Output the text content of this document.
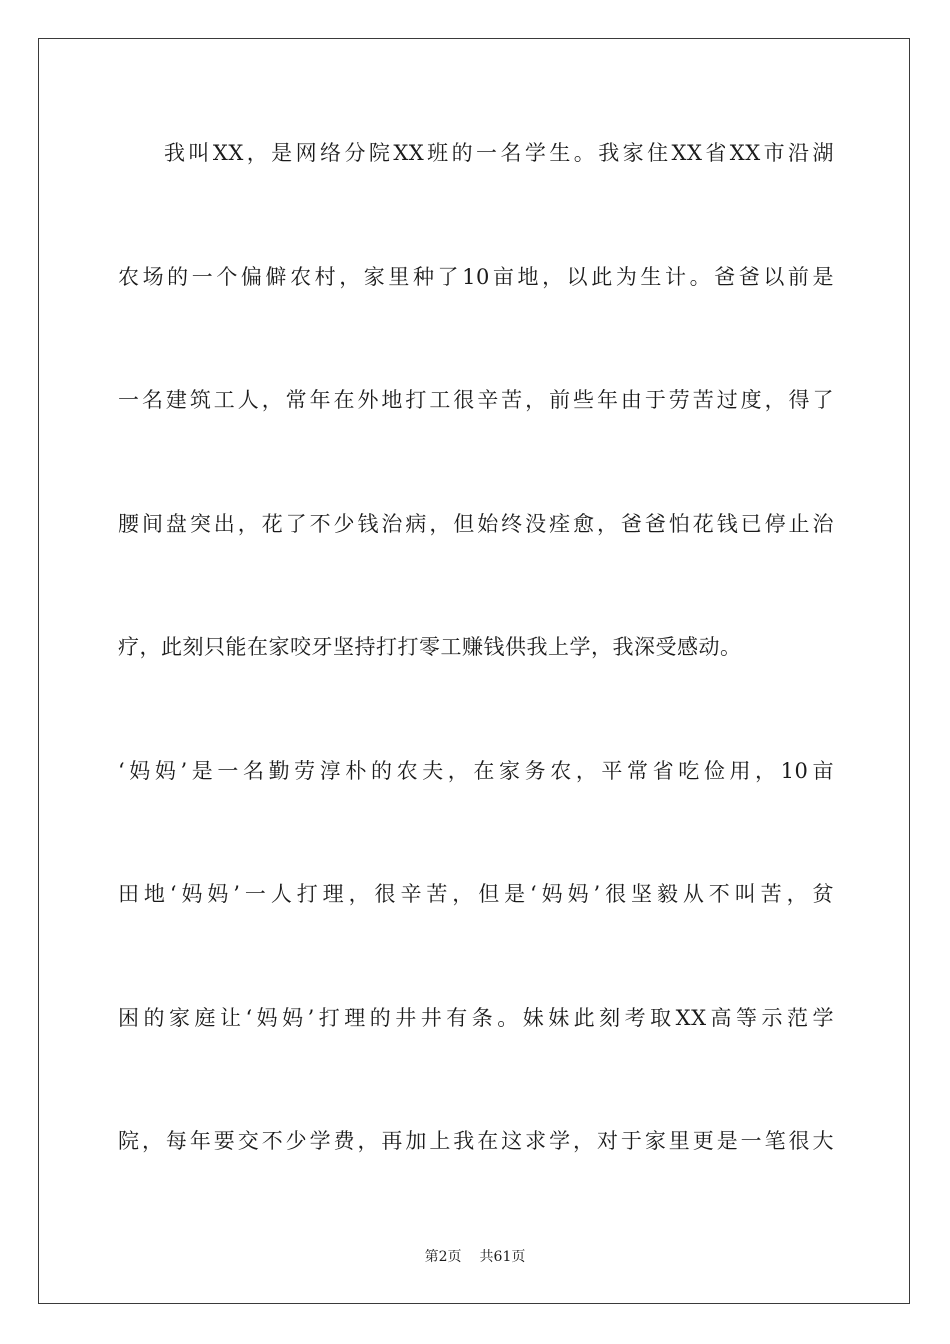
我叫XX，是网络分院XX班的一名学生。我家住XX省XX市沿湖
农场的一个偏僻农村，家里种了10亩地，以此为生计。爸爸以前是
一名建筑工人，常年在外地打工很辛苦，前些年由于劳苦过度，得了
腰间盘突出，花了不少钱治病，但始终没痊愈，爸爸怕花钱已停止治
疗，此刻只能在家咬牙坚持打打零工赚钱供我上学，我深受感动。
‘妈妈’是一名勤劳淳朴的农夫，在家务农，平常省吃俭用，10亩
田地‘妈妈’一人打理，很辛苦，但是‘妈妈’很坚毅从不叫苦，贫
困的家庭让‘妈妈’打理的井井有条。妹妹此刻考取XX高等示范学
院，每年要交不少学费，再加上我在这求学，对于家里更是一笔很大
第2页 共61页
